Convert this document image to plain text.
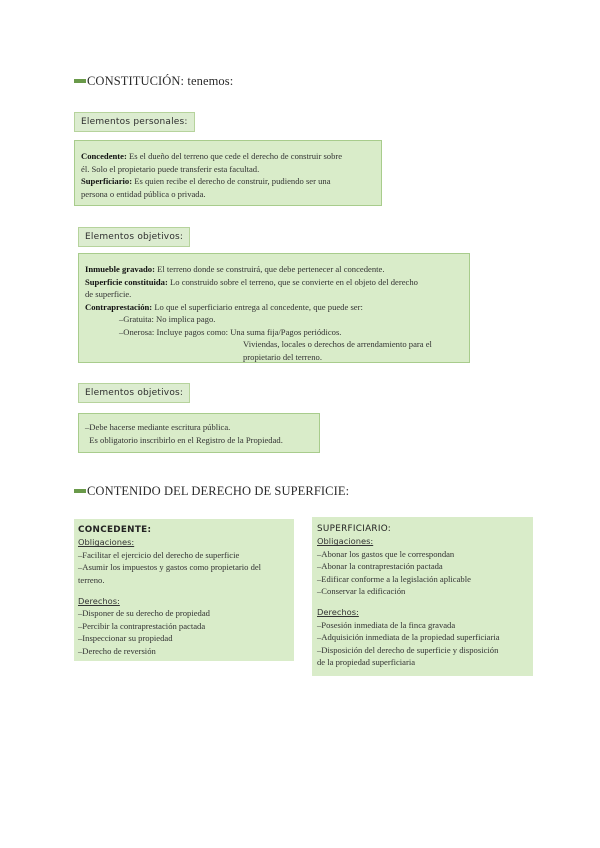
CONSTITUCIÓN: tenemos:
Elementos personales:
Concedente: Es el dueño del terreno que cede el derecho de construir sobre
él. Solo el propietario puede transferir esta facultad.
Superficiario: Es quien recibe el derecho de construir, pudiendo ser una
persona o entidad pública o privada.
Elementos objetivos:
Inmueble gravado: El terreno donde se construirá, que debe pertenecer al concedente.
Superficie constituida: Lo construido sobre el terreno, que se convierte en el objeto del derecho
de superficie.
Contraprestación: Lo que el superficiario entrega al concedente, que puede ser:
–Gratuita: No implica pago.
–Onerosa: Incluye pagos como: Una suma fija/Pagos periódicos.
Viviendas, locales o derechos de arrendamiento para el
propietario del terreno.
Elementos objetivos:
–Debe hacerse mediante escritura pública.
Es obligatorio inscribirlo en el Registro de la Propiedad.
CONTENIDO DEL DERECHO DE SUPERFICIE:
CONCEDENTE:
Obligaciones:
–Facilitar el ejercicio del derecho de superficie
–Asumir los impuestos y gastos como propietario del
terreno.
Derechos:
–Disponer de su derecho de propiedad
–Percibir la contraprestación pactada
–Inspeccionar su propiedad
–Derecho de reversión
SUPERFICIARIO:
Obligaciones:
–Abonar los gastos que le correspondan
–Abonar la contraprestación pactada
–Edificar conforme a la legislación aplicable
–Conservar la edificación
Derechos:
–Posesión inmediata de la finca gravada
–Adquisición inmediata de la propiedad superficiaria
–Disposición del derecho de superficie y disposición
de la propiedad superficiaria
